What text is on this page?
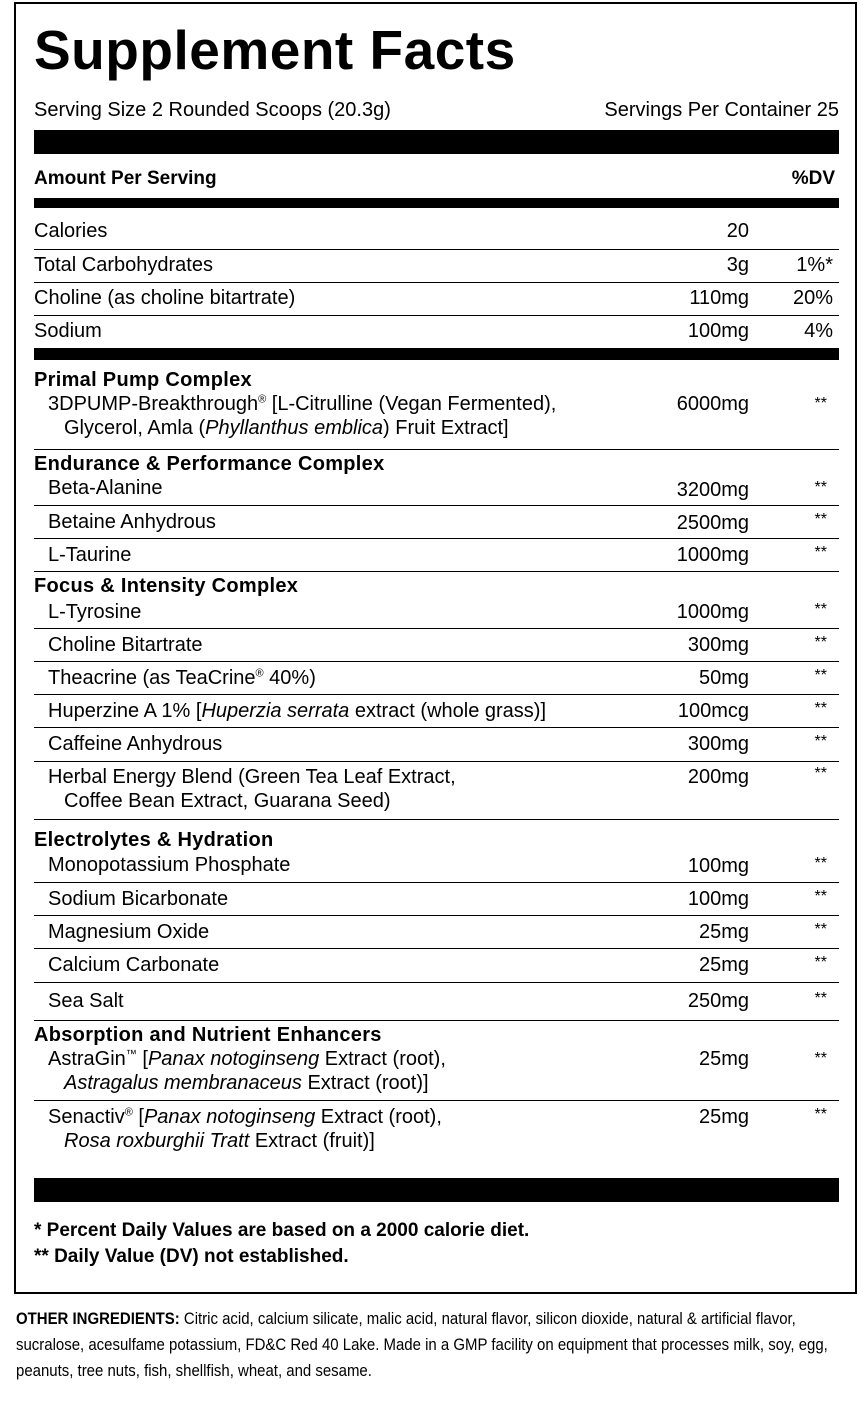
Supplement Facts
Serving Size 2 Rounded Scoops (20.3g)	Servings Per Container 25
Amount Per Serving	%DV
Calories	20
Total Carbohydrates	3g 1%*
Choline (as choline bitartrate)	110mg 20%
Sodium	100mg	4%
Primal Pump Complex
3DPUMP-Breakthrough® [L-Citrulline (Vegan Fermented),
Glycerol, Amla (Phyllanthus emblica) Fruit Extract]
6000mg	**
Endurance & Performance Complex
Beta-Alanine	3200mg	**
Betaine Anhydrous	2500mg	**
L-Taurine	1000mg	**
Focus & Intensity Complex
L-Tyrosine	1000mg	**
Choline Bitartrate	300mg	**
Theacrine (as TeaCrine® 40%)	50mg	**
Huperzine A 1% [Huperzia serrata extract (whole grass)]	100mcg	**
Caffeine Anhydrous	300mg	**
Herbal Energy Blend (Green Tea Leaf Extract,
Coffee Bean Extract, Guarana Seed)
200mg	**
Electrolytes & Hydration
Monopotassium Phosphate	100mg	**
Sodium Bicarbonate	100mg	**
Magnesium Oxide	25mg	**
Calcium Carbonate	25mg	**
Sea Salt	250mg	**
Absorption and Nutrient Enhancers
AstraGin™ [Panax notoginseng Extract (root),
Astragalus membranaceus Extract (root)]
25mg	**
Senactiv® [Panax notoginseng Extract (root),
Rosa roxburghii Tratt Extract (fruit)]
25mg	**
* Percent Daily Values are based on a 2000 calorie diet.
** Daily Value (DV) not established.
OTHER INGREDIENTS: Citric acid, calcium silicate, malic acid, natural flavor, silicon dioxide, natural & artificial flavor, sucralose, acesulfame potassium, FD&C Red 40 Lake. Made in a GMP facility on equipment that processes milk, soy, egg, peanuts, tree nuts, fish, shellfish, wheat, and sesame.
